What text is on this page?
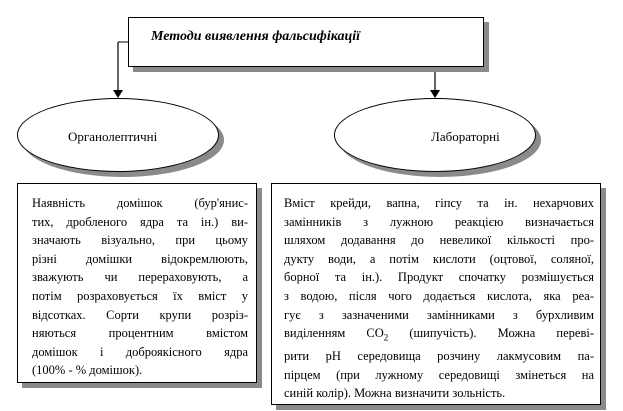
Методи виявлення фальсифікації
Органолептичні	Лабораторні
Наявність домішок (бур'янис-
тих, дробленого ядра та ін.) ви-
значають візуально, при цьому
різні домішки відокремлюють,
зважують чи перераховують, а
потім розраховується їх вміст у
відсотках. Сорти крупи розріз-
няються процентним вмістом
домішок і доброякісного ядра
(100% - % домішок).
Вміст крейди, вапна, гіпсу та ін. нехарчових
замінників з лужною реакцією визначається
шляхом додавання до невеликої кількості про-
дукту води, а потім кислоти (оцтової, соляної,
борної та ін.). Продукт спочатку розмішується
з водою, після чого додається кислота, яка реа-
гує з зазначеними замінниками з бурхливим
виділенням $CO_2$ (шипучість). Можна переві-
рити pH середовища розчину лакмусовим па-
пірцем (при лужному середовищі змінеться на
синій колір). Можна визначити зольність.
